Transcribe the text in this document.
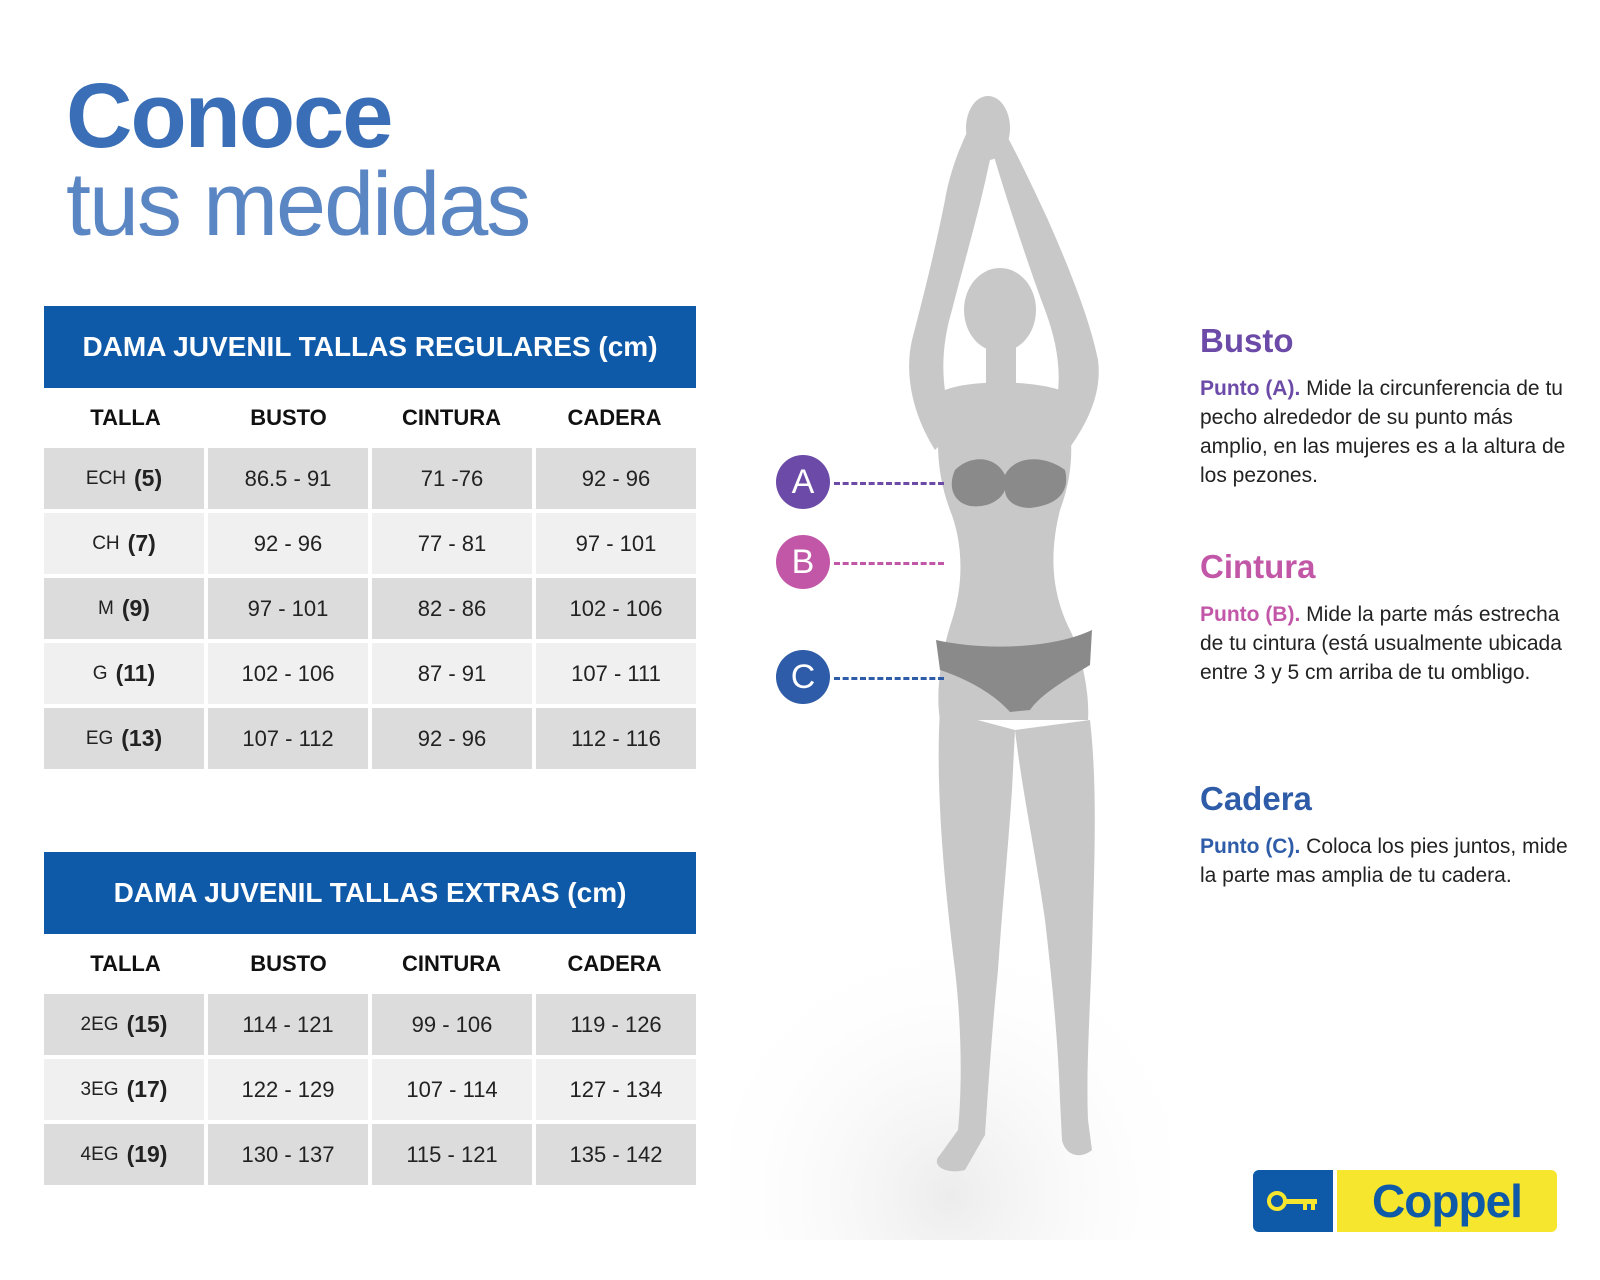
Conoce
tus medidas
DAMA JUVENIL TALLAS REGULARES (cm)
TALLA	BUSTO	CINTURA	CADERA
ECH (5)	86.5 - 91	71 -76	92 - 96
CH (7)	92 - 96	77 - 81	97 - 101
M (9)	97 - 101	82 - 86	102 - 106
G (11)	102 - 106	87 - 91	107 - 111
EG (13)	107 - 112	92 - 96	112 - 116
DAMA JUVENIL TALLAS EXTRAS (cm)
TALLA	BUSTO	CINTURA	CADERA
2EG (15)	114 - 121	99 - 106	119 - 126
3EG (17)	122 - 129	107 - 114	127 - 134
4EG (19)	130 - 137	115 - 121	135 - 142
A
B
C
Busto

Punto (A). Mide la circunferencia de tu pecho alrededor de su punto más amplio, en las mujeres es a la altura de los pezones.

Cintura

Punto (B). Mide la parte más estrecha de tu cintura (está usualmente ubicada entre 3 y 5 cm arriba de tu ombligo.

Cadera

Punto (C). Coloca los pies juntos, mide la parte mas amplia de tu cadera.

Coppel
